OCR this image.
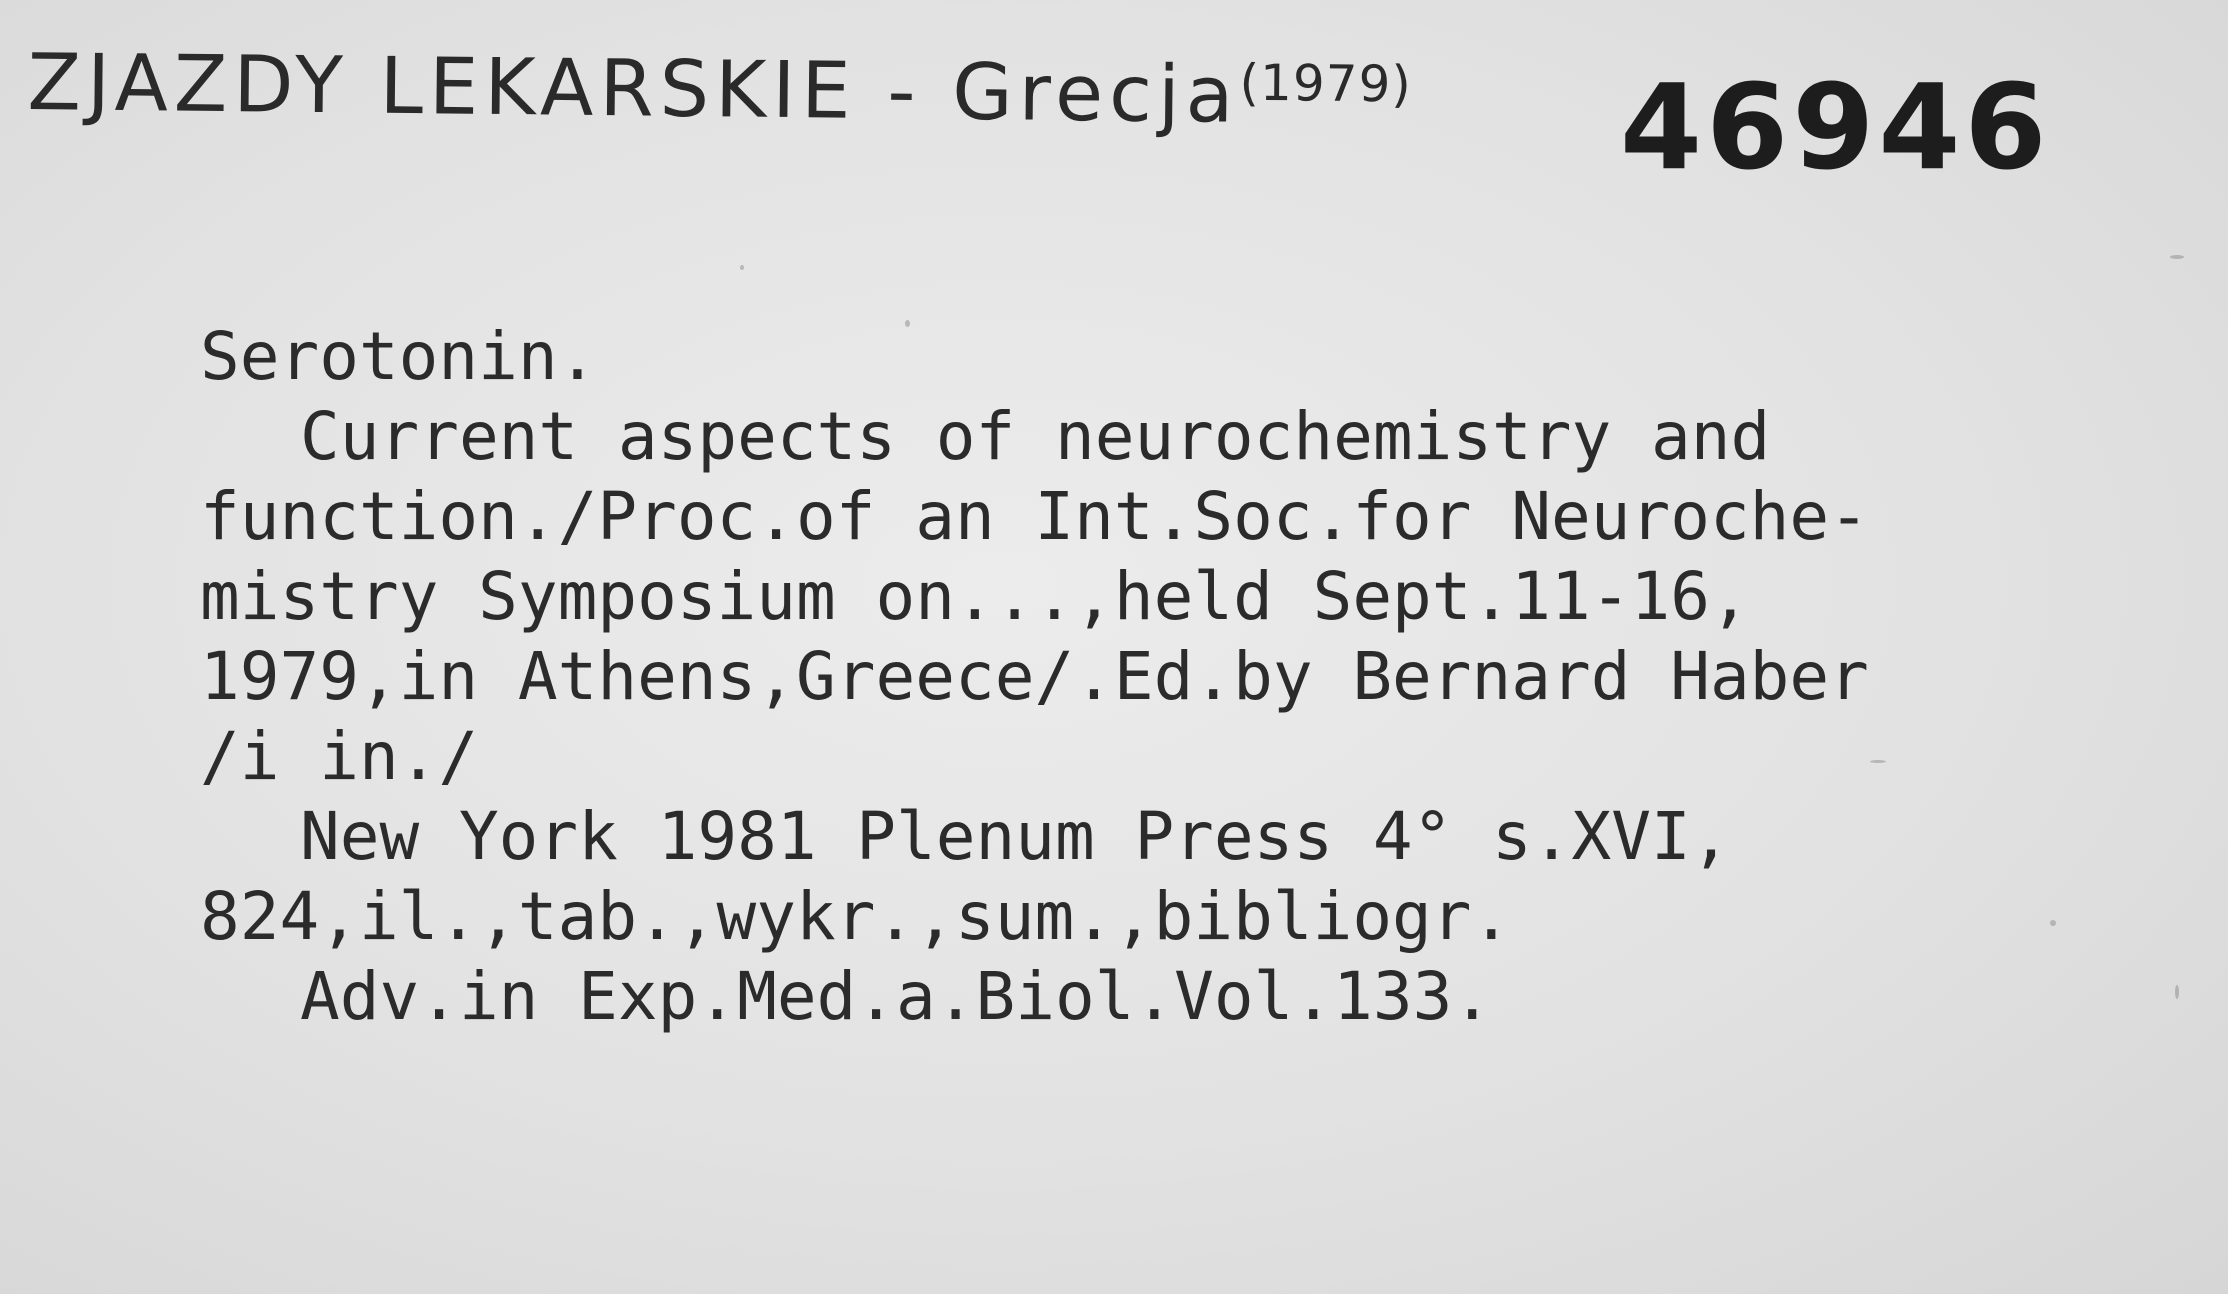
ZJAZDY LEKARSKIE - Grecja$^{(1979)}$ 46946
Serotonin.
Current aspects of neurochemistry and
function./Proc.of an Int.Soc.for Neuroche-
mistry Symposium on...,held Sept.11-16,
1979,in Athens,Greece/.Ed.by Bernard Haber
/i in./
New York 1981 Plenum Press 4° s.XVI,
824,il.,tab.,wykr.,sum.,bibliogr.
Adv.in Exp.Med.a.Biol.Vol.133.
